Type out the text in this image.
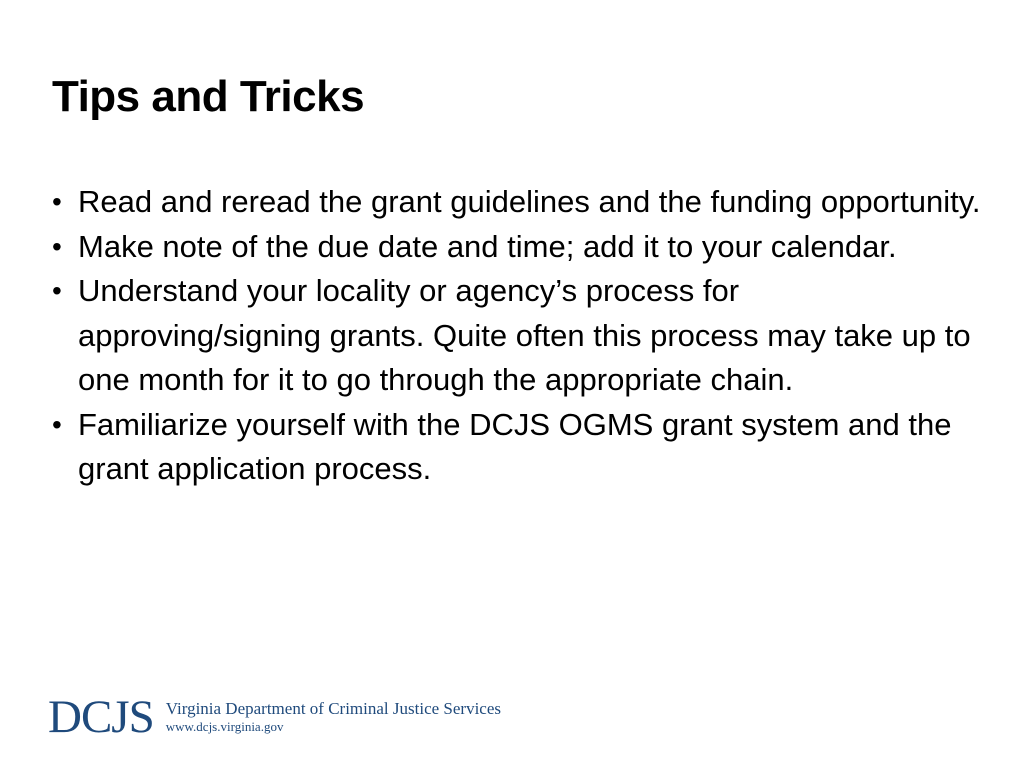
Tips and Tricks
• Read and reread the grant guidelines and the funding opportunity.
• Make note of the due date and time; add it to your calendar.
• Understand your locality or agency’s process for approving/signing grants. Quite often this process may take up to one month for it to go through the appropriate chain.
• Familiarize yourself with the DCJS OGMS grant system and the grant application process.
DCJS Virginia Department of Criminal Justice Services
www.dcjs.virginia.gov
